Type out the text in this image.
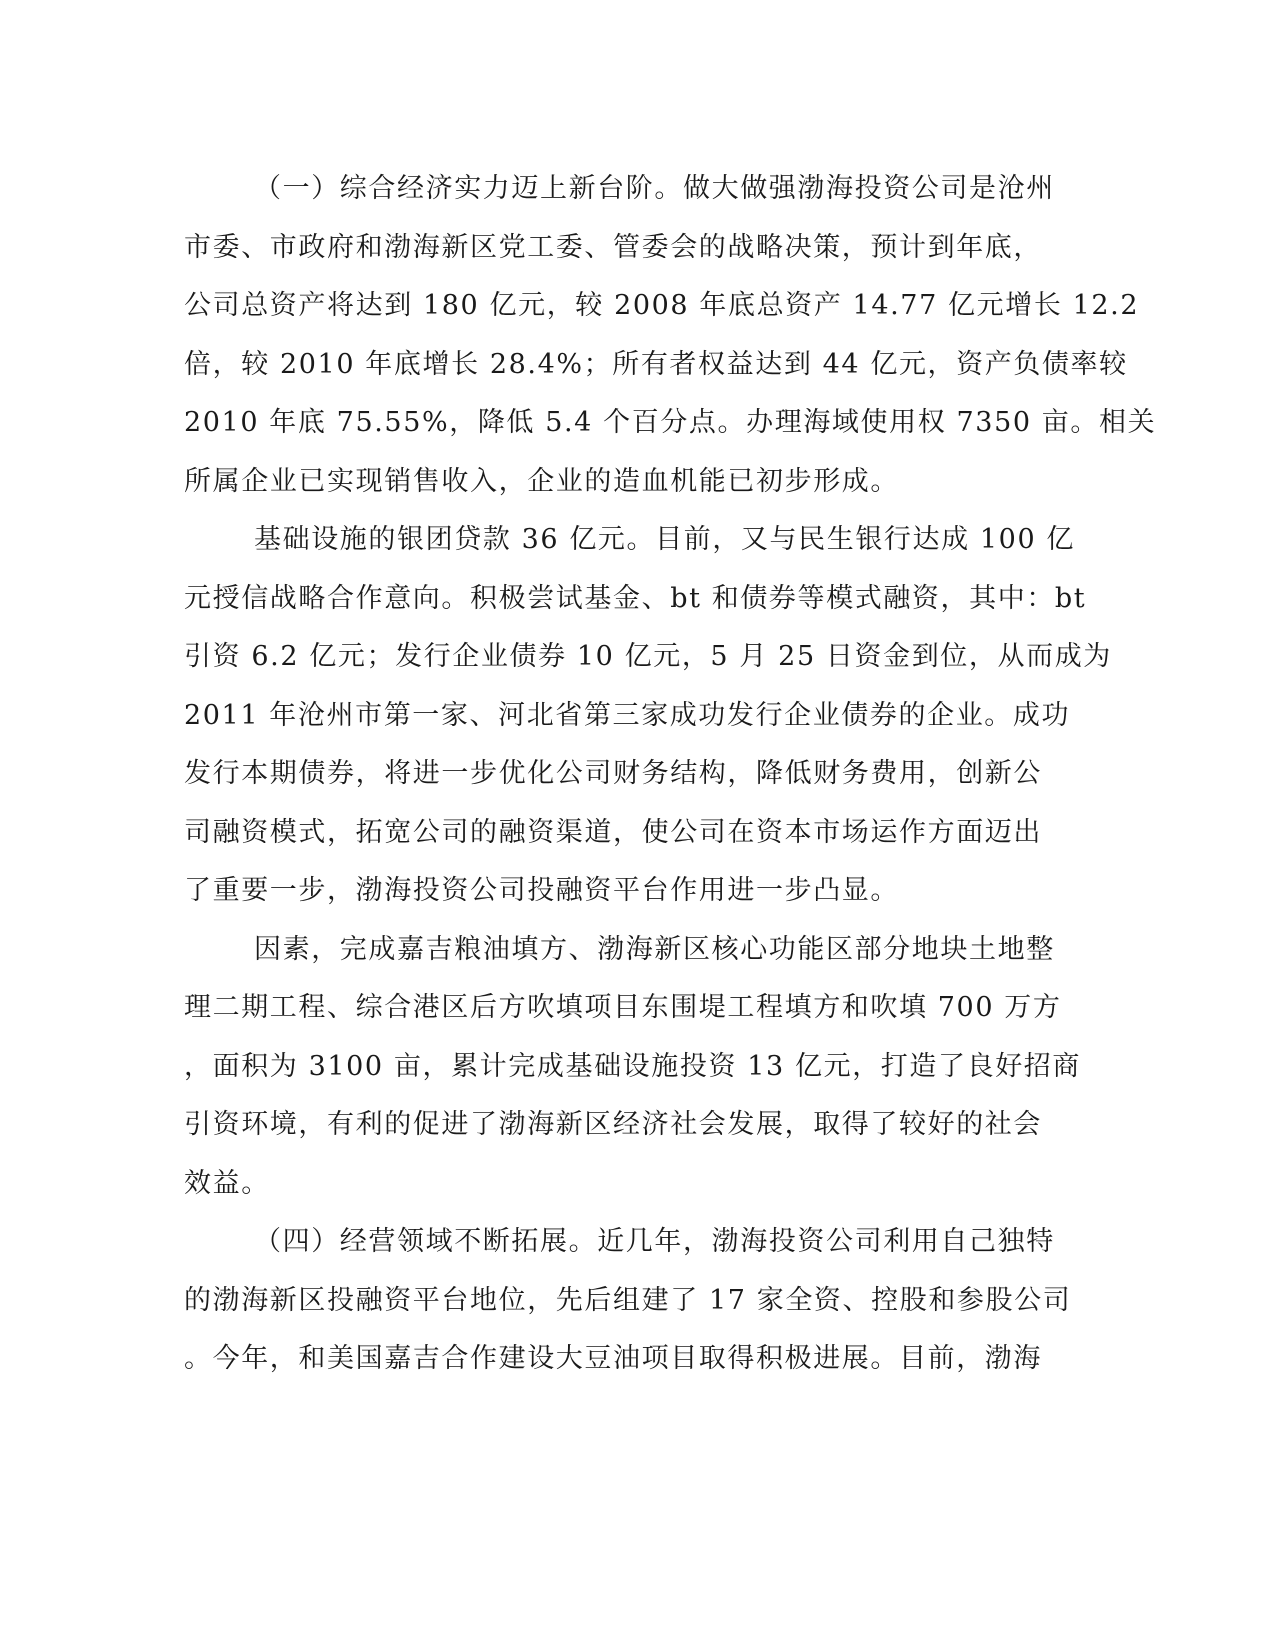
（一）综合经济实力迈上新台阶。做大做强渤海投资公司是沧州
市委、市政府和渤海新区党工委、管委会的战略决策，预计到年底，
公司总资产将达到 180 亿元，较 2008 年底总资产 14.77 亿元增长 12.2
倍，较 2010 年底增长 28.4%；所有者权益达到 44 亿元，资产负债率较
2010 年底 75.55%，降低 5.4 个百分点。办理海域使用权 7350 亩。相关
所属企业已实现销售收入，企业的造血机能已初步形成。
基础设施的银团贷款 36 亿元。目前，又与民生银行达成 100 亿
元授信战略合作意向。积极尝试基金、bt 和债券等模式融资，其中：bt
引资 6.2 亿元；发行企业债券 10 亿元，5 月 25 日资金到位，从而成为
2011 年沧州市第一家、河北省第三家成功发行企业债券的企业。成功
发行本期债券，将进一步优化公司财务结构，降低财务费用，创新公
司融资模式，拓宽公司的融资渠道，使公司在资本市场运作方面迈出
了重要一步，渤海投资公司投融资平台作用进一步凸显。
因素，完成嘉吉粮油填方、渤海新区核心功能区部分地块土地整
理二期工程、综合港区后方吹填项目东围堤工程填方和吹填 700 万方
，面积为 3100 亩，累计完成基础设施投资 13 亿元，打造了良好招商
引资环境，有利的促进了渤海新区经济社会发展，取得了较好的社会
效益。
（四）经营领域不断拓展。近几年，渤海投资公司利用自己独特
的渤海新区投融资平台地位，先后组建了 17 家全资、控股和参股公司
。今年，和美国嘉吉合作建设大豆油项目取得积极进展。目前，渤海
